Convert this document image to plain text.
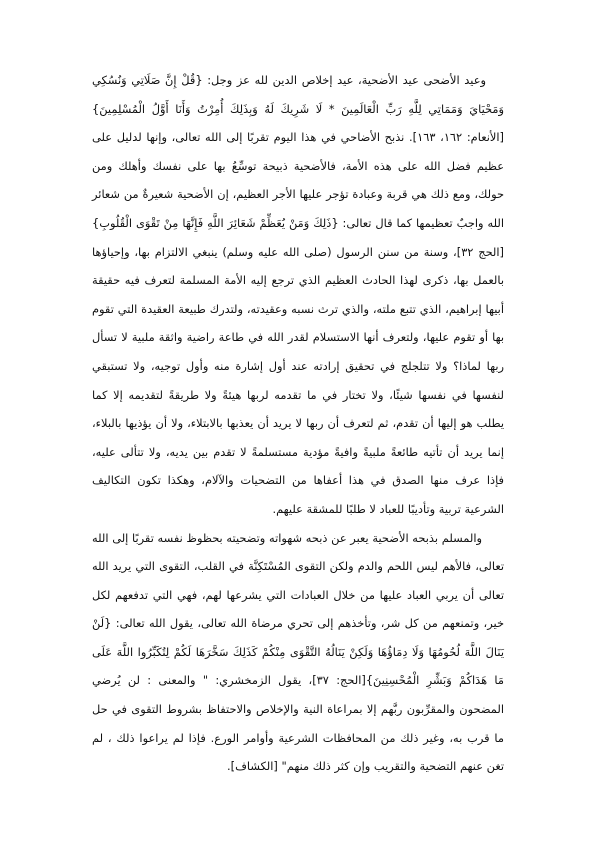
وعيد الأضحى عيد الأضحية، عيد إخلاص الدين لله عز وجل: {قُلْ إِنَّ صَلَاتِي وَنُسُكِي وَمَحْيَايَ وَمَمَاتِي لِلَّهِ رَبِّ الْعَالَمِينَ * لَا شَرِيكَ لَهُ وَبِذَلِكَ أُمِرْتُ وَأَنَا أَوَّلُ الْمُسْلِمِينَ} [الأنعام: ١٦٢، ١٦٣]. نذبح الأضاحي في هذا اليوم تقربًا إلى الله تعالى، وإنها لدليل على عظيم فضل الله على هذه الأمة، فالأضحية ذبيحة توسِّعُ بها على نفسك وأهلك ومن حولك، ومع ذلك هي قربة وعبادة تؤجر عليها الأجر العظيم، إن الأضحية شعيرةٌ من شعائر الله واجبٌ تعظيمها كما قال تعالى: {ذَلِكَ وَمَنْ يُعَظِّمْ شَعَائِرَ اللَّهِ فَإِنَّهَا مِنْ تَقْوَى الْقُلُوبِ}[الحج ٣٢]، وسنة من سنن الرسول (صلى الله عليه وسلم) ينبغي الالتزام بها، وإحياؤها بالعمل بها، ذكرى لهذا الحادث العظيم الذي ترجع إليه الأمة المسلمة لتعرف فيه حقيقة أبيها إبراهيم، الذي تتبع ملته، والذي ترث نسبه وعقيدته، ولتدرك طبيعة العقيدة التي تقوم بها أو تقوم عليها، ولتعرف أنها الاستسلام لقدر الله في طاعة راضية واثقة ملبية لا تسأل ربها لماذا؟ ولا تتلجلج في تحقيق إرادته عند أول إشارة منه وأول توجيه، ولا تستبقي لنفسها في نفسها شيئًا، ولا تختار في ما تقدمه لربها هيئةً ولا طريقةً لتقديمه إلا كما يطلب هو إليها أن تقدم، ثم لتعرف أن ربها لا يريد أن يعذبها بالابتلاء، ولا أن يؤذيها بالبلاء، إنما يريد أن تأتيه طائعةً ملبيةً وافيةً مؤدية مستسلمةً لا تقدم بين يديه، ولا تتألى عليه، فإذا عرف منها الصدق في هذا أعفاها من التضحيات والآلام، وهكذا تكون التكاليف الشرعية تربية وتأديبًا للعباد لا طلبًا للمشقة عليهم.

والمسلم بذبحه الأضحية يعبر عن ذبحه شهواته وتضحيته بحظوظ نفسه تقربًا إلى الله تعالى، فالأهم ليس اللحم والدم ولكن التقوى المُسْتَكِنَّة في القلب، التقوى التي يريد الله تعالى أن يربي العباد عليها من خلال العبادات التي يشرعها لهم، فهي التي تدفعهم لكل خير، وتمنعهم من كل شر، وتأخذهم إلى تحري مرضاة الله تعالى، يقول الله تعالى: {لَنْ يَنَالَ اللَّهَ لُحُومُهَا وَلَا دِمَاؤُهَا وَلَكِنْ يَنَالُهُ التَّقْوَى مِنْكُمْ كَذَلِكَ سَخَّرَهَا لَكُمْ لِتُكَبِّرُوا اللَّهَ عَلَى مَا هَدَاكُمْ وَبَشِّرِ الْمُحْسِنِينَ}[الحج: ٣٧]، يقول الزمخشري: " والمعنى : لن يُرضي المضحون والمقرِّبون ربَّهم إلا بمراعاة النية والإخلاص والاحتفاظ بشروط التقوى في حل ما قرب به، وغير ذلك من المحافظات الشرعية وأوامر الورع. فإذا لم يراعوا ذلك ، لم تغن عنهم التضحية والتقريب وإن كثر ذلك منهم" [الكشاف].
